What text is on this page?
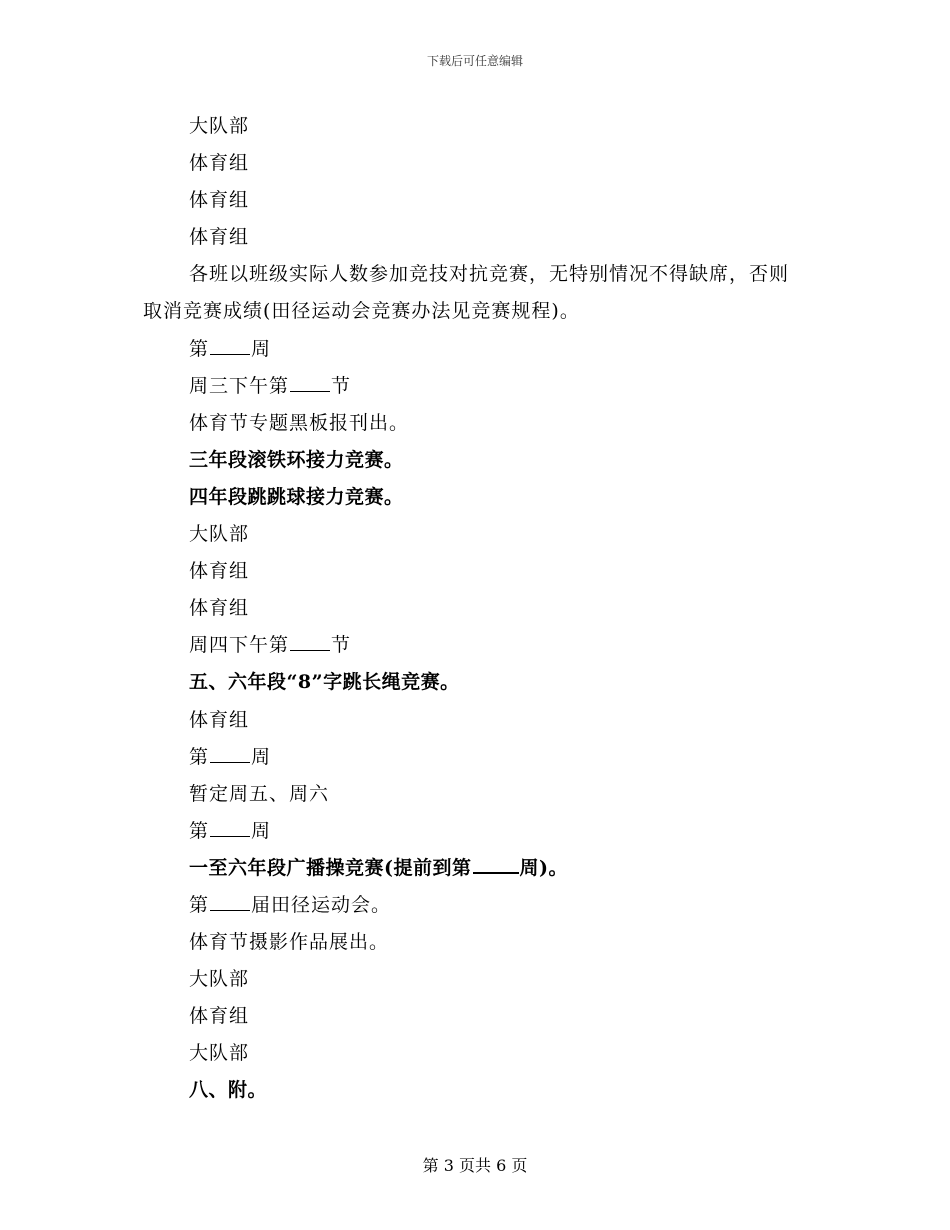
下载后可任意编辑
大队部
体育组
体育组
体育组
各班以班级实际人数参加竞技对抗竞赛，无特别情况不得缺席，否则取消竞赛成绩(田径运动会竞赛办法见竞赛规程)。
第 周
周三下午第 节
体育节专题黑板报刊出。
三年段滚铁环接力竞赛。
四年段跳跳球接力竞赛。
大队部
体育组
体育组
周四下午第 节
五、六年段“8”字跳长绳竞赛。
体育组
第 周
暂定周五、周六
第 周
一至六年段广播操竞赛(提前到第	周)。
第 届田径运动会。
体育节摄影作品展出。
大队部
体育组
大队部
八、附。
第 3 页共 6 页
